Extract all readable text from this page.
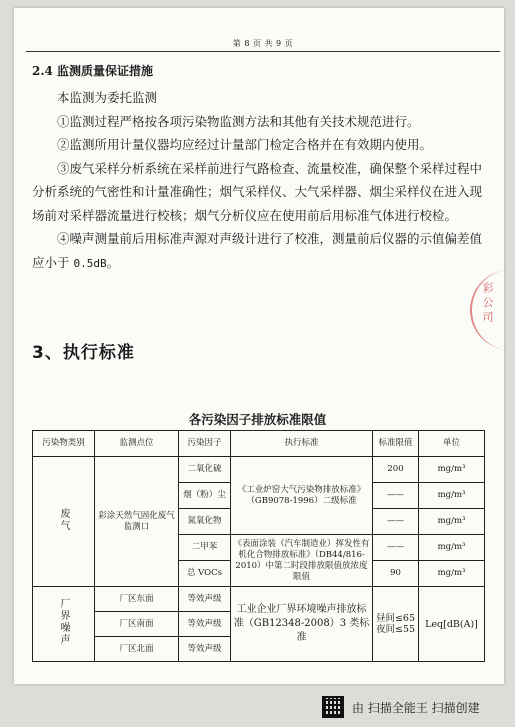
第 8 页 共 9 页
2.4 监测质量保证措施

本监测为委托监测

①监测过程严格按各项污染物监测方法和其他有关技术规范进行。

②监测所用计量仪器均应经过计量部门检定合格并在有效期内使用。

③废气采样分析系统在采样前进行气路检查、流量校准，确保整个采样过程中分析系统的气密性和计量准确性；烟气采样仪、大气采样器、烟尘采样仪在进入现场前对采样器流量进行校核；烟气分析仪应在使用前后用标准气体进行校检。

④噪声测量前后用标准声源对声级计进行了校准，测量前后仪器的示值偏差值应小于 0.5dB。

3、执行标准
各污染因子排放标准限值
污染物类别	监测点位	污染因子	执行标准	标准限值	单位
废气	彩涂天然气固化废气监测口	二氧化硫	《工业炉窑大气污染物排放标准》（GB9078-1996）二级标准	200	mg/m³
		烟（粉）尘		——	mg/m³
		氮氧化物		——	mg/m³
		二甲苯	《表面涂装（汽车制造业）挥发性有机化合物排放标准》（DB44/816-2010）中第二时段排放限值放浓度限值	——	mg/m³
		总 VOCs		90	mg/m³
厂界噪声	厂区东面	等效声级	工业企业厂界环境噪声排放标准（GB12348-2008）3 类标准	昼间≤65 夜间≤55	Leq[dB(A)]
	厂区南面	等效声级			
	厂区北面	等效声级			
彩 公 司
由 扫描全能王 扫描创建
